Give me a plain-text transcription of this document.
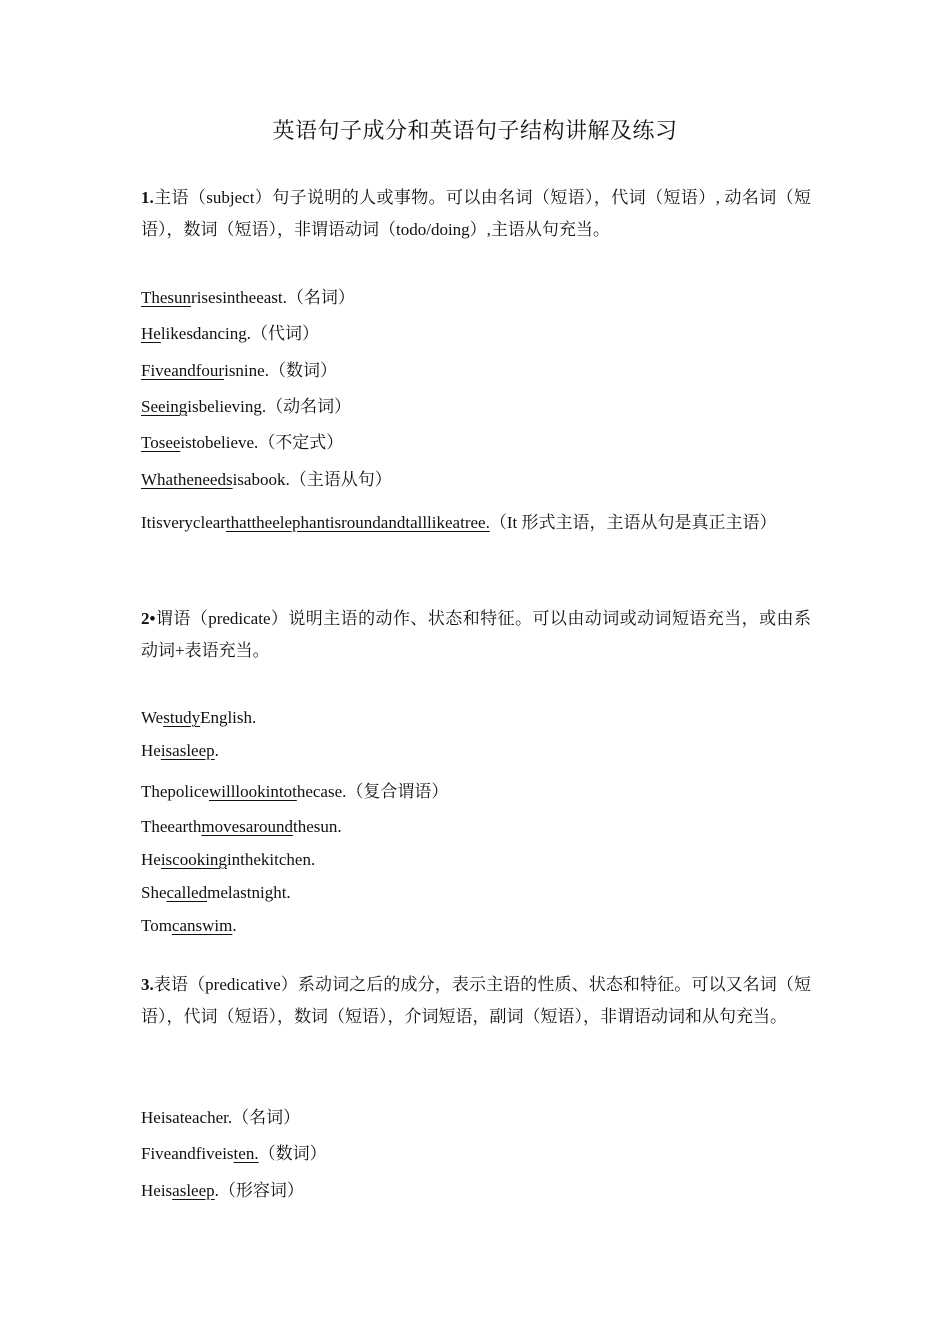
英语句子成分和英语句子结构讲解及练习
1.主语（subject）句子说明的人或事物。可以由名词（短语），代词（短语）, 动名词（短语），数词（短语），非谓语动词（todo/doing）,主语从句充当。
Thesunrisesintheeast.（名词）
Helikesdancing.（代词）
Fiveandfourisnine.（数词）
Seeingisbelieving.（动名词）
Toseeistobelieve.（不定式）
Whatheneedsisabook.（主语从句）
Itisveryclearthattheelephantisroundandtalllikeatree.（It 形式主语，主语从句是真正主语）
2•谓语（predicate）说明主语的动作、状态和特征。可以由动词或动词短语充当，或由系动词+表语充当。
WestudyEnglish.
Heisasleep.
Thepolicewilllookintothecase.（复合谓语）
Theearthmovesaroundthesun.
Heiscookinginthekitchen.
Shecalledmelastnight.
Tomcanswim.
3.表语（predicative）系动词之后的成分，表示主语的性质、状态和特征。可以又名词（短语），代词（短语），数词（短语），介词短语，副词（短语），非谓语动词和从句充当。
Heisateacher.（名词）
Fiveandfiveisten.（数词）
Heisasleep.（形容词）
